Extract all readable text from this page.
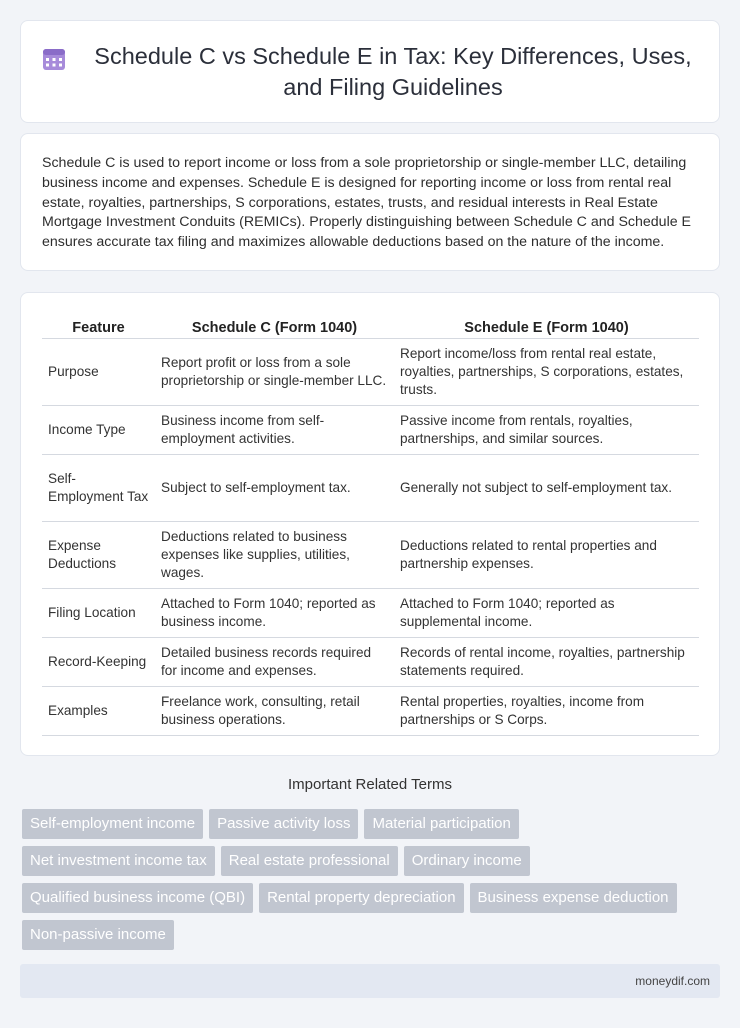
Schedule C vs Schedule E in Tax: Key Differences, Uses, and Filing Guidelines

Schedule C is used to report income or loss from a sole proprietorship or single-member LLC, detailing business income and expenses. Schedule E is designed for reporting income or loss from rental real estate, royalties, partnerships, S corporations, estates, trusts, and residual interests in Real Estate Mortgage Investment Conduits (REMICs). Properly distinguishing between Schedule C and Schedule E ensures accurate tax filing and maximizes allowable deductions based on the nature of the income.

Feature	Schedule C (Form 1040)	Schedule E (Form 1040)
Purpose	Report profit or loss from a sole proprietorship or single-member LLC.	Report income/loss from rental real estate, royalties, partnerships, S corporations, estates, trusts.
Income Type	Business income from self-employment activities.	Passive income from rentals, royalties, partnerships, and similar sources.
Self-Employment Tax	Subject to self-employment tax.	Generally not subject to self-employment tax.
Expense Deductions	Deductions related to business expenses like supplies, utilities, wages.	Deductions related to rental properties and partnership expenses.
Filing Location	Attached to Form 1040; reported as business income.	Attached to Form 1040; reported as supplemental income.
Record-Keeping	Detailed business records required for income and expenses.	Records of rental income, royalties, partnership statements required.
Examples	Freelance work, consulting, retail business operations.	Rental properties, royalties, income from partnerships or S Corps.
Important Related Terms
Self-employment income	Passive activity loss	Material participation
Net investment income tax	Real estate professional	Ordinary income
Qualified business income (QBI)	Rental property depreciation	Business expense deduction
Non-passive income
moneydif.com
